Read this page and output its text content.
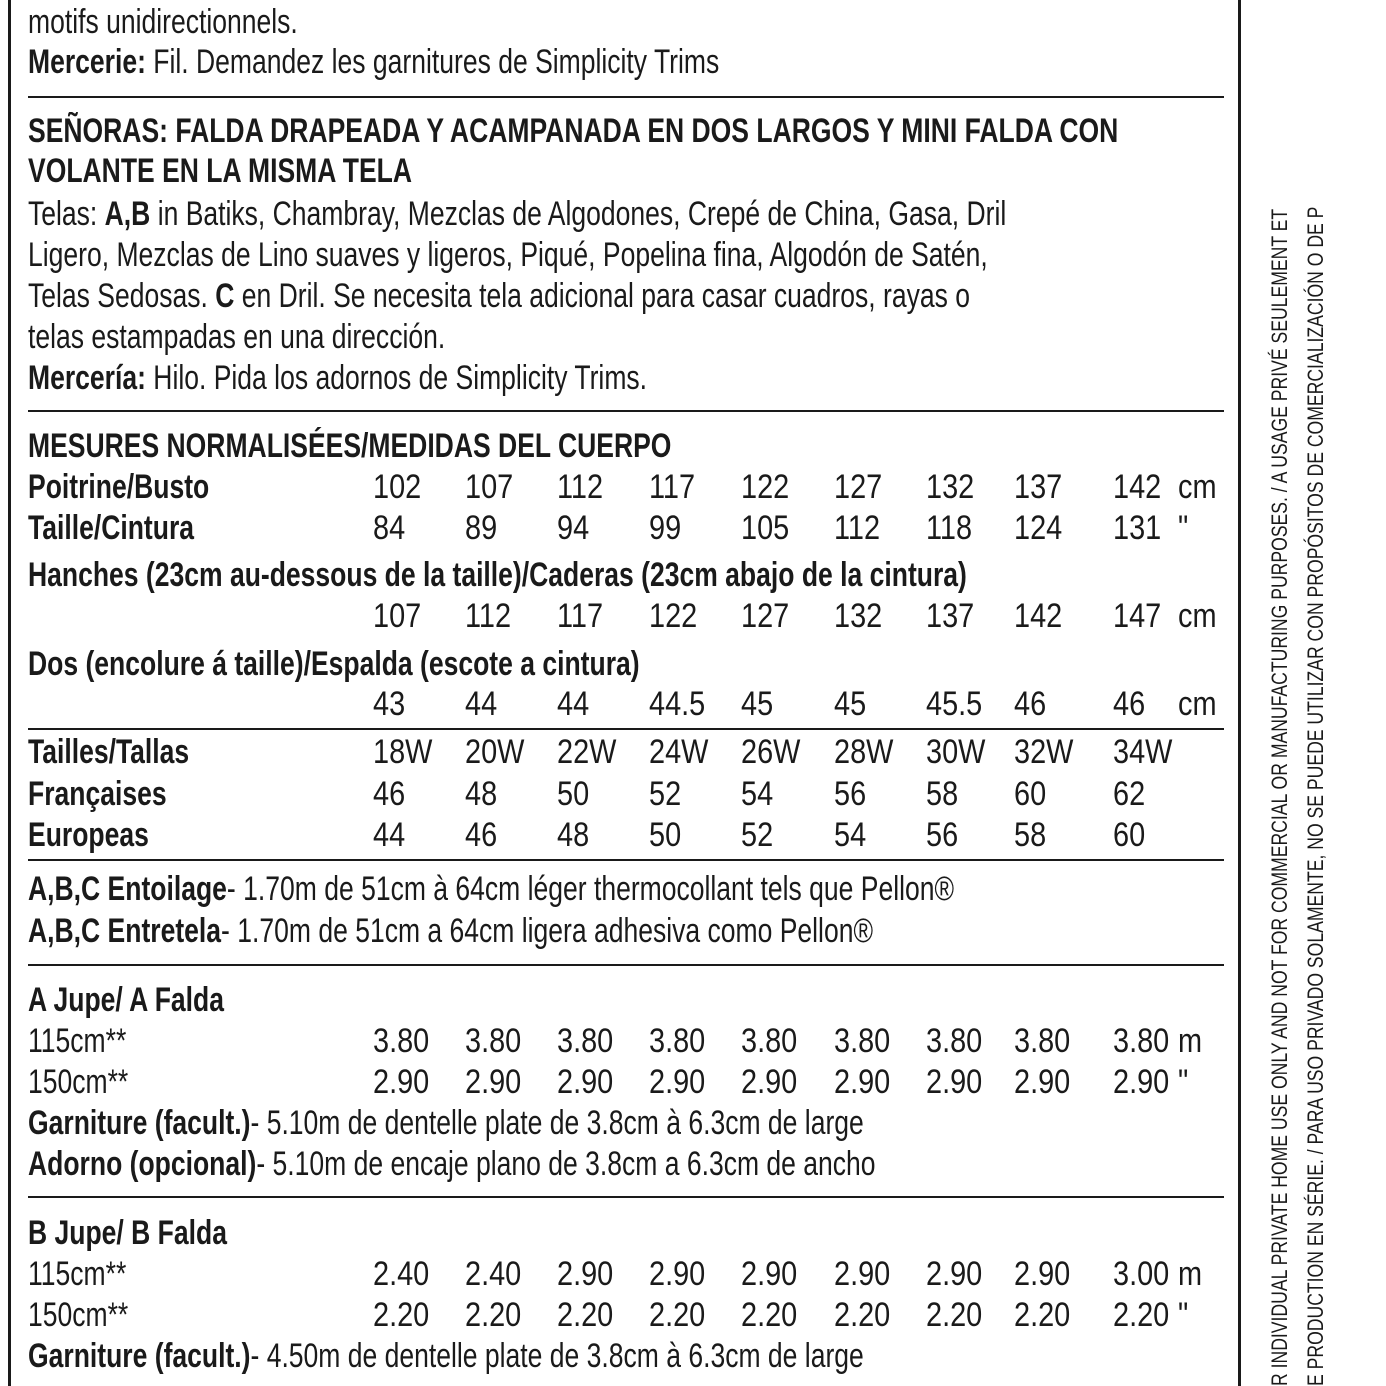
motifs unidirectionnels.
Mercerie: Fil. Demandez les garnitures de Simplicity Trims
SEÑORAS: FALDA DRAPEADA Y ACAMPANADA EN DOS LARGOS Y MINI FALDA CON
VOLANTE EN LA MISMA TELA
Telas: A,B in Batiks, Chambray, Mezclas de Algodones, Crepé de China, Gasa, Dril
Ligero, Mezclas de Lino suaves y ligeros, Piqué, Popelina fina, Algodón de Satén,
Telas Sedosas. C en Dril. Se necesita tela adicional para casar cuadros, rayas o
telas estampadas en una dirección.
Mercería: Hilo. Pida los adornos de Simplicity Trims.
MESURES NORMALISÉES/MEDIDAS DEL CUERPO
Poitrine/Busto	102 107 112 117 122 127 132 137 142 cm
Taille/Cintura	84 89 94 99 105 112 118 124 131 "
Hanches (23cm au-dessous de la taille)/Caderas (23cm abajo de la cintura)
107 112 117 122 127 132 137 142 147 cm
Dos (encolure á taille)/Espalda (escote a cintura)
43 44 44 44.5 45 45 45.5 46 46 cm
Tailles/Tallas	18W 20W 22W 24W 26W 28W 30W 32W 34W
Françaises	46 48 50 52 54 56 58 60 62
Europeas	44 46 48 50 52 54 56 58 60
A,B,C Entoilage- 1.70m de 51cm à 64cm léger thermocollant tels que Pellon®
A,B,C Entretela- 1.70m de 51cm a 64cm ligera adhesiva como Pellon®
A Jupe/ A Falda
115cm**	3.80 3.80 3.80 3.80 3.80 3.80 3.80 3.80 3.80 m
150cm**	2.90 2.90 2.90 2.90 2.90 2.90 2.90 2.90 2.90 "
Garniture (facult.)- 5.10m de dentelle plate de 3.8cm à 6.3cm de large
Adorno (opcional)- 5.10m de encaje plano de 3.8cm a 6.3cm de ancho
B Jupe/ B Falda
115cm**	2.40 2.40 2.90 2.90 2.90 2.90 2.90 2.90 3.00 m
150cm**	2.20 2.20 2.20 2.20 2.20 2.20 2.20 2.20 2.20 "
Garniture (facult.)- 4.50m de dentelle plate de 3.8cm à 6.3cm de large	R INDIVIDUAL PRIVATE HOME USE ONLY AND NOT FOR COMMERCIAL OR MANUFACTURING PURPOSES. / A USAGE PRIVÉ SEULEMENT ET E PRODUCTION EN SÉRIE. / PARA USO PRIVADO SOLAMENTE, NO SE PUEDE UTILIZAR CON PROPÓSITOS DE COMERCIALIZACIÓN O DE P
